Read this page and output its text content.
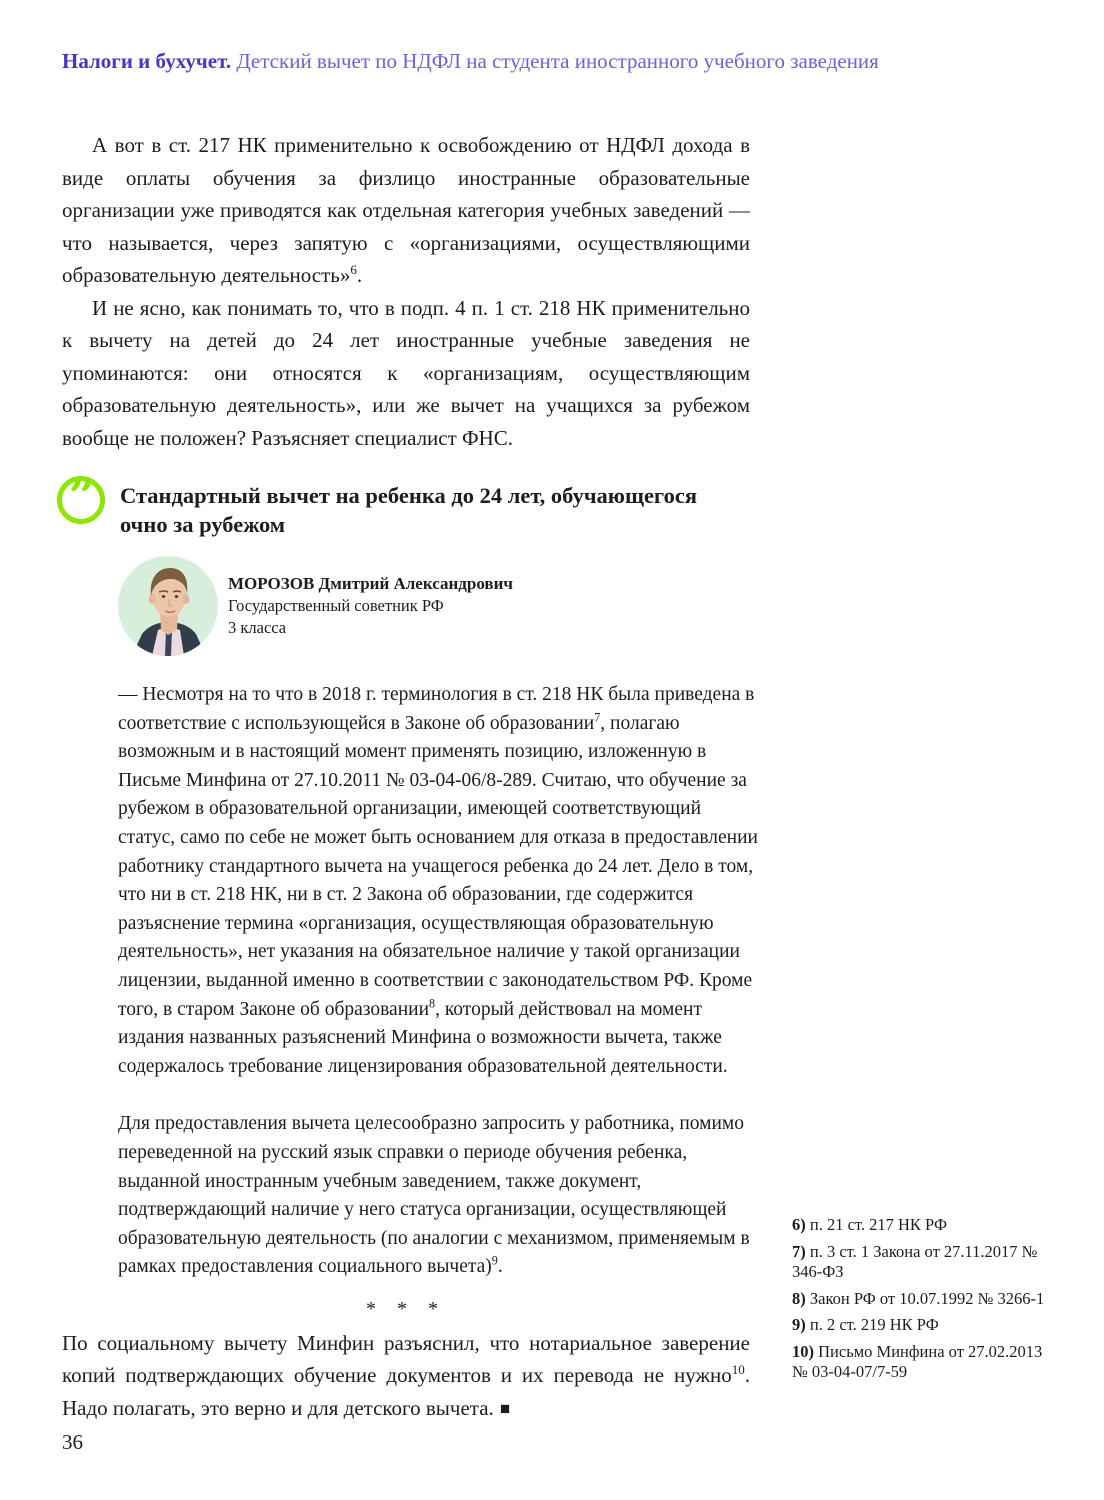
Налоги и бухучет. Детский вычет по НДФЛ на студента иностранного учебного заведения

А вот в ст. 217 НК применительно к освобождению от НДФЛ дохода в виде оплаты обучения за физлицо иностранные образовательные организации уже приводятся как отдельная категория учебных заведений — что называется, через запятую с «организациями, осуществляющими образовательную деятельность»$^6$.

И не ясно, как понимать то, что в подп. 4 п. 1 ст. 218 НК применительно к вычету на детей до 24 лет иностранные учебные заведения не упоминаются: они относятся к «организациям, осуществляющим образовательную деятельность», или же вычет на учащихся за рубежом вообще не положен? Разъясняет специалист ФНС.

”	Стандартный вычет на ребенка до 24 лет, обучающегося очно за рубежом
МОРОЗОВ Дмитрий Александрович
Государственный советник РФ
3 класса

— Несмотря на то что в 2018 г. терминология в ст. 218 НК была приведена в соответствие с использующейся в Законе об образовании$^7$, полагаю возможным и в настоящий момент применять позицию, изложенную в Письме Минфина от 27.10.2011 № 03-04-06/8-289. Считаю, что обучение за рубежом в образовательной организации, имеющей соответствующий статус, само по себе не может быть основанием для отказа в предоставлении работнику стандартного вычета на учащегося ребенка до 24 лет. Дело в том, что ни в ст. 218 НК, ни в ст. 2 Закона об образовании, где содержится разъяснение термина «организация, осуществляющая образовательную деятельность», нет указания на обязательное наличие у такой организации лицензии, выданной именно в соответствии с законодательством РФ. Кроме того, в старом Законе об образовании$^8$, который действовал на момент издания названных разъяснений Минфина о возможности вычета, также содержалось требование лицензирования образовательной деятельности.

Для предоставления вычета целесообразно запросить у работника, помимо переведенной на русский язык справки о периоде обучения ребенка, выданной иностранным учебным заведением, также документ, подтверждающий наличие у него статуса организации, осуществляющей образовательную деятельность (по аналогии с механизмом, применяемым в рамках предоставления социального вычета)$^9$.

* * *

По социальному вычету Минфин разъяснил, что нотариальное заверение копий подтверждающих обучение документов и их перевода не нужно$^{10}$. Надо полагать, это верно и для детского вычета. ■

6) п. 21 ст. 217 НК РФ
7) п. 3 ст. 1 Закона от 27.11.2017 № 346-ФЗ
8) Закон РФ от 10.07.1992 № 3266-1
9) п. 2 ст. 219 НК РФ
10) Письмо Минфина от 27.02.2013 № 03-04-07/7-59
36
